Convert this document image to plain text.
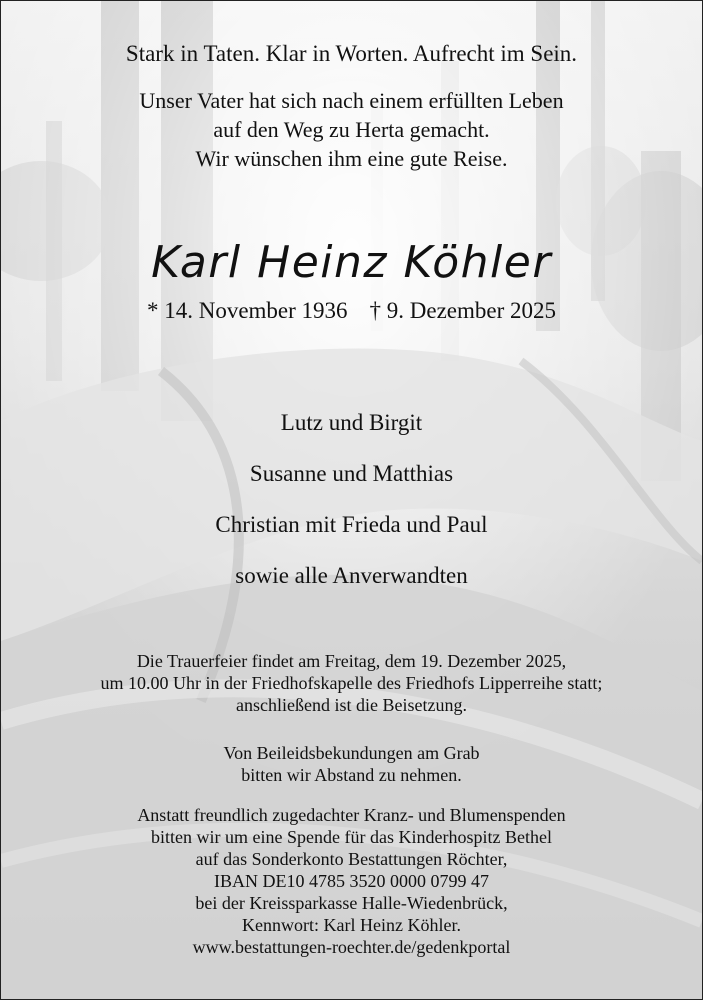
Stark in Taten. Klar in Worten. Aufrecht im Sein.
Unser Vater hat sich nach einem erfüllten Leben
auf den Weg zu Herta gemacht.
Wir wünschen ihm eine gute Reise.
Karl Heinz Köhler
* 14. November 1936 † 9. Dezember 2025
Lutz und Birgit
Susanne und Matthias
Christian mit Frieda und Paul
sowie alle Anverwandten
Die Trauerfeier findet am Freitag, dem 19. Dezember 2025,
um 10.00 Uhr in der Friedhofskapelle des Friedhofs Lipperreihe statt;
anschließend ist die Beisetzung.
Von Beileidsbekundungen am Grab
bitten wir Abstand zu nehmen.
Anstatt freundlich zugedachter Kranz- und Blumenspenden
bitten wir um eine Spende für das Kinderhospitz Bethel
auf das Sonderkonto Bestattungen Röchter,
IBAN DE10 4785 3520 0000 0799 47
bei der Kreissparkasse Halle-Wiedenbrück,
Kennwort: Karl Heinz Köhler.
www.bestattungen-roechter.de/gedenkportal
